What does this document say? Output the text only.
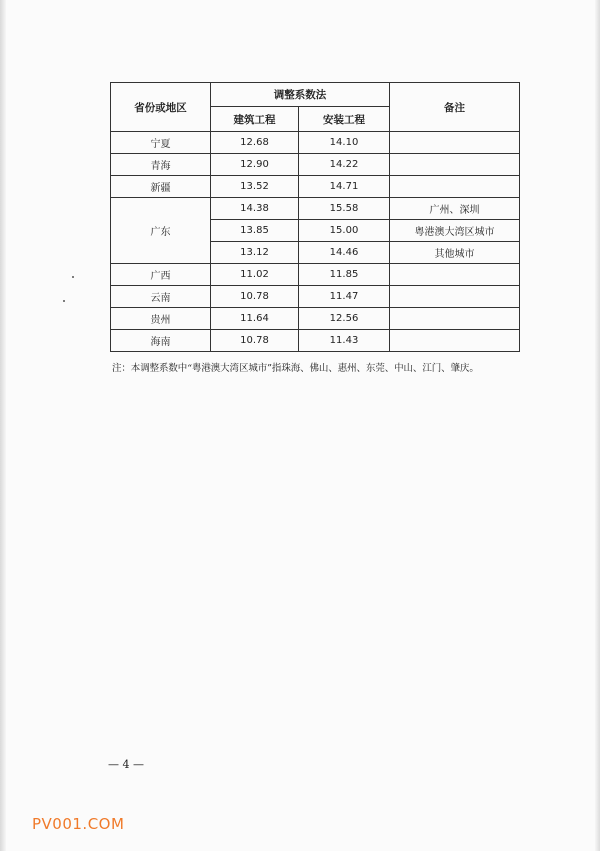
省份或地区	调整系数法		备注
	建筑工程	安装工程	
宁夏	12.68	14.10	
青海	12.90	14.22	
新疆	13.52	14.71	
广东	14.38	15.58	广州、深圳
	13.85	15.00	粤港澳大湾区城市
	13.12	14.46	其他城市
广西	11.02	11.85	
云南	10.78	11.47	
贵州	11.64	12.56	
海南	10.78	11.43	
注：本调整系数中“粤港澳大湾区城市”指珠海、佛山、惠州、东莞、中山、江门、肇庆。
— 4 —
PV001.COM
